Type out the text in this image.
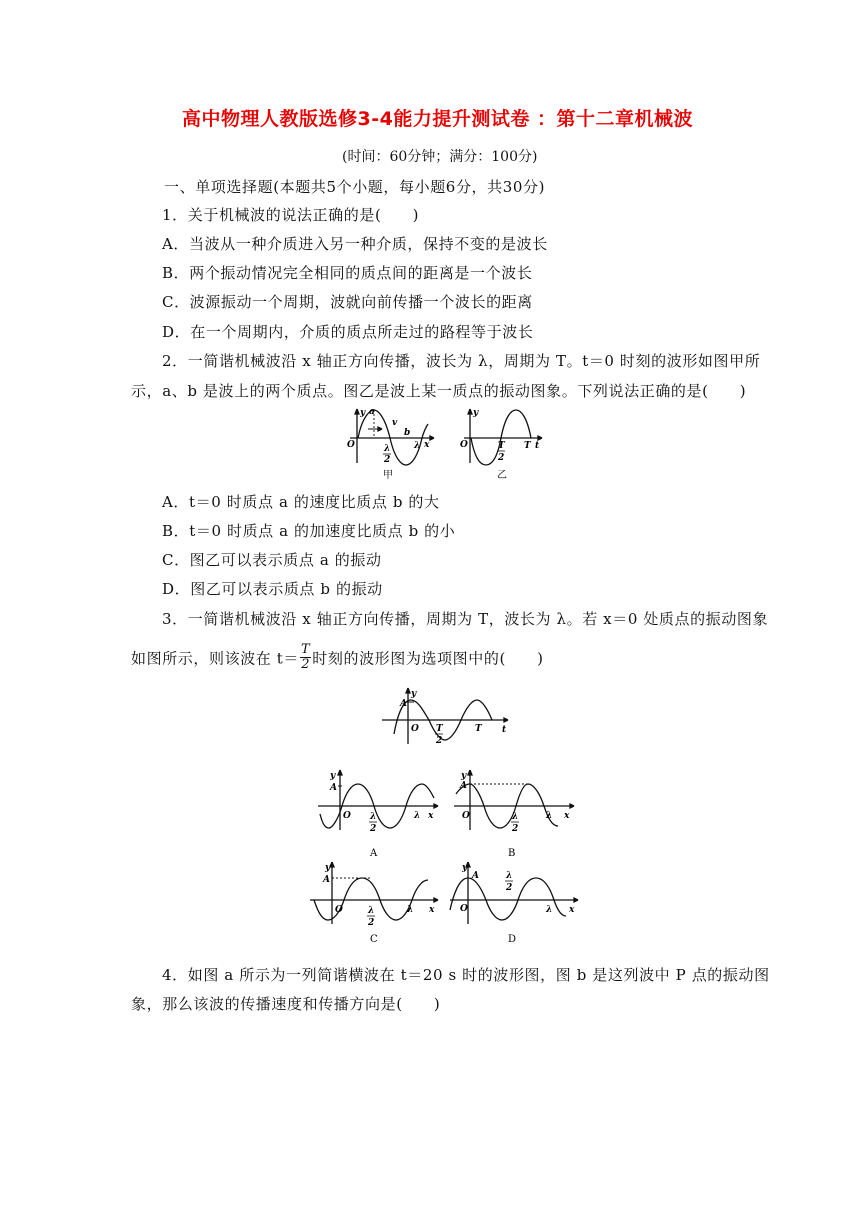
高中物理人教版选修3-4能力提升测试卷 ：第十二章机械波
(时间：60分钟；满分：100分)
一、单项选择题(本题共5个小题，每小题6分，共30分)
1．关于机械波的说法正确的是(　　)
A．当波从一种介质进入另一种介质，保持不变的是波长
B．两个振动情况完全相同的质点间的距离是一个波长
C．波源振动一个周期，波就向前传播一个波长的距离
D．在一个周期内，介质的质点所走过的路程等于波长
2．一简谐机械波沿 x 轴正方向传播，波长为 λ，周期为 T。t＝0 时刻的波形如图甲所
示，a、b 是波上的两个质点。图乙是波上某一质点的振动图象。下列说法正确的是(　　)
O
y a
v
b
λ x
λ
2
甲
O
y
T
2
T t
乙
A．t＝0 时质点 a 的速度比质点 b 的大
B．t＝0 时质点 a 的加速度比质点 b 的小
C．图乙可以表示质点 a 的振动
D．图乙可以表示质点 b 的振动
3．一简谐机械波沿 x 轴正方向传播，周期为 T，波长为 λ。若 x＝0 处质点的振动图象
如图所示，则该波在 $t= \frac{T}{2}$ 时刻的波形图为选项图中的(　　)
y
A
O T
2
T t
y
A
O λ
2
λ x
A
y
A
O	λ
2
λ x
B
y
A
O	λ
2
λ x
C
y
A
O
λ
2
λ x
D
4．如图 a 所示为一列简谐横波在 t＝20 s 时的波形图，图 b 是这列波中 P 点的振动图
象，那么该波的传播速度和传播方向是(　　)
